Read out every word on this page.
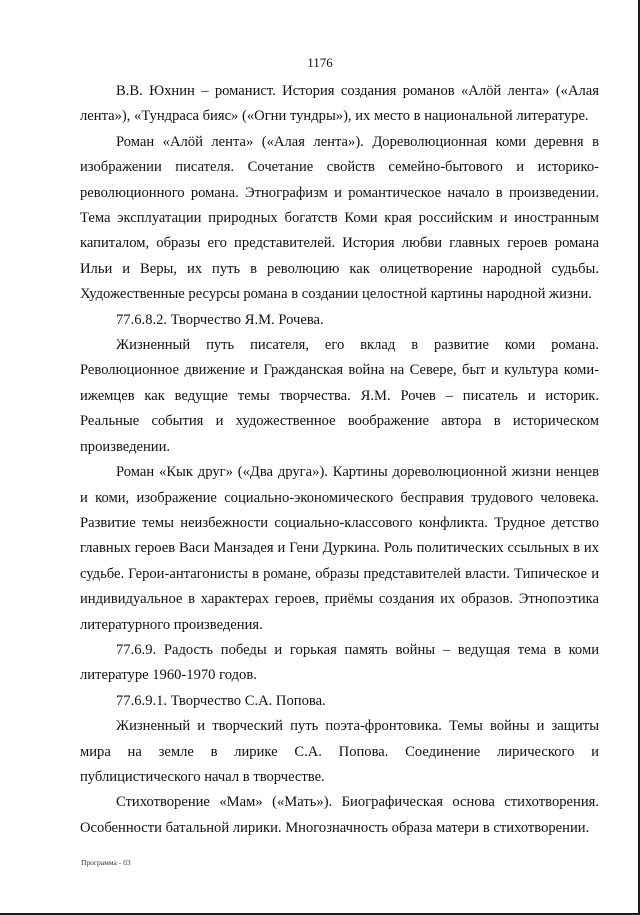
1176

В.В. Юхнин – романист. История создания романов «Алӧй лента» («Алая лента»), «Тундраса бияс» («Огни тундры»), их место в национальной литературе.

Роман «Алӧй лента» («Алая лента»). Дореволюционная коми деревня в изображении писателя. Сочетание свойств семейно-бытового и историко-революционного романа. Этнографизм и романтическое начало в произведении. Тема эксплуатации природных богатств Коми края российским и иностранным капиталом, образы его представителей. История любви главных героев романа Ильи и Веры, их путь в революцию как олицетворение народной судьбы. Художественные ресурсы романа в создании целостной картины народной жизни.

77.6.8.2. Творчество Я.М. Рочева.

Жизненный путь писателя, его вклад в развитие коми романа. Революционное движение и Гражданская война на Севере, быт и культура коми-ижемцев как ведущие темы творчества. Я.М. Рочев – писатель и историк. Реальные события и художественное воображение автора в историческом произведении.

Роман «Кык друг» («Два друга»). Картины дореволюционной жизни ненцев и коми, изображение социально-экономического бесправия трудового человека. Развитие темы неизбежности социально-классового конфликта. Трудное детство главных героев Васи Манзадея и Гени Дуркина. Роль политических ссыльных в их судьбе. Герои-антагонисты в романе, образы представителей власти. Типическое и индивидуальное в характерах героев, приёмы создания их образов. Этнопоэтика литературного произведения.

77.6.9. Радость победы и горькая память войны – ведущая тема в коми литературе 1960-1970 годов.

77.6.9.1. Творчество С.А. Попова.

Жизненный и творческий путь поэта-фронтовика. Темы войны и защиты мира на земле в лирике С.А. Попова. Соединение лирического и публицистического начал в творчестве.

Стихотворение «Мам» («Мать»). Биографическая основа стихотворения. Особенности батальной лирики. Многозначность образа матери в стихотворении.

Программа - 03
